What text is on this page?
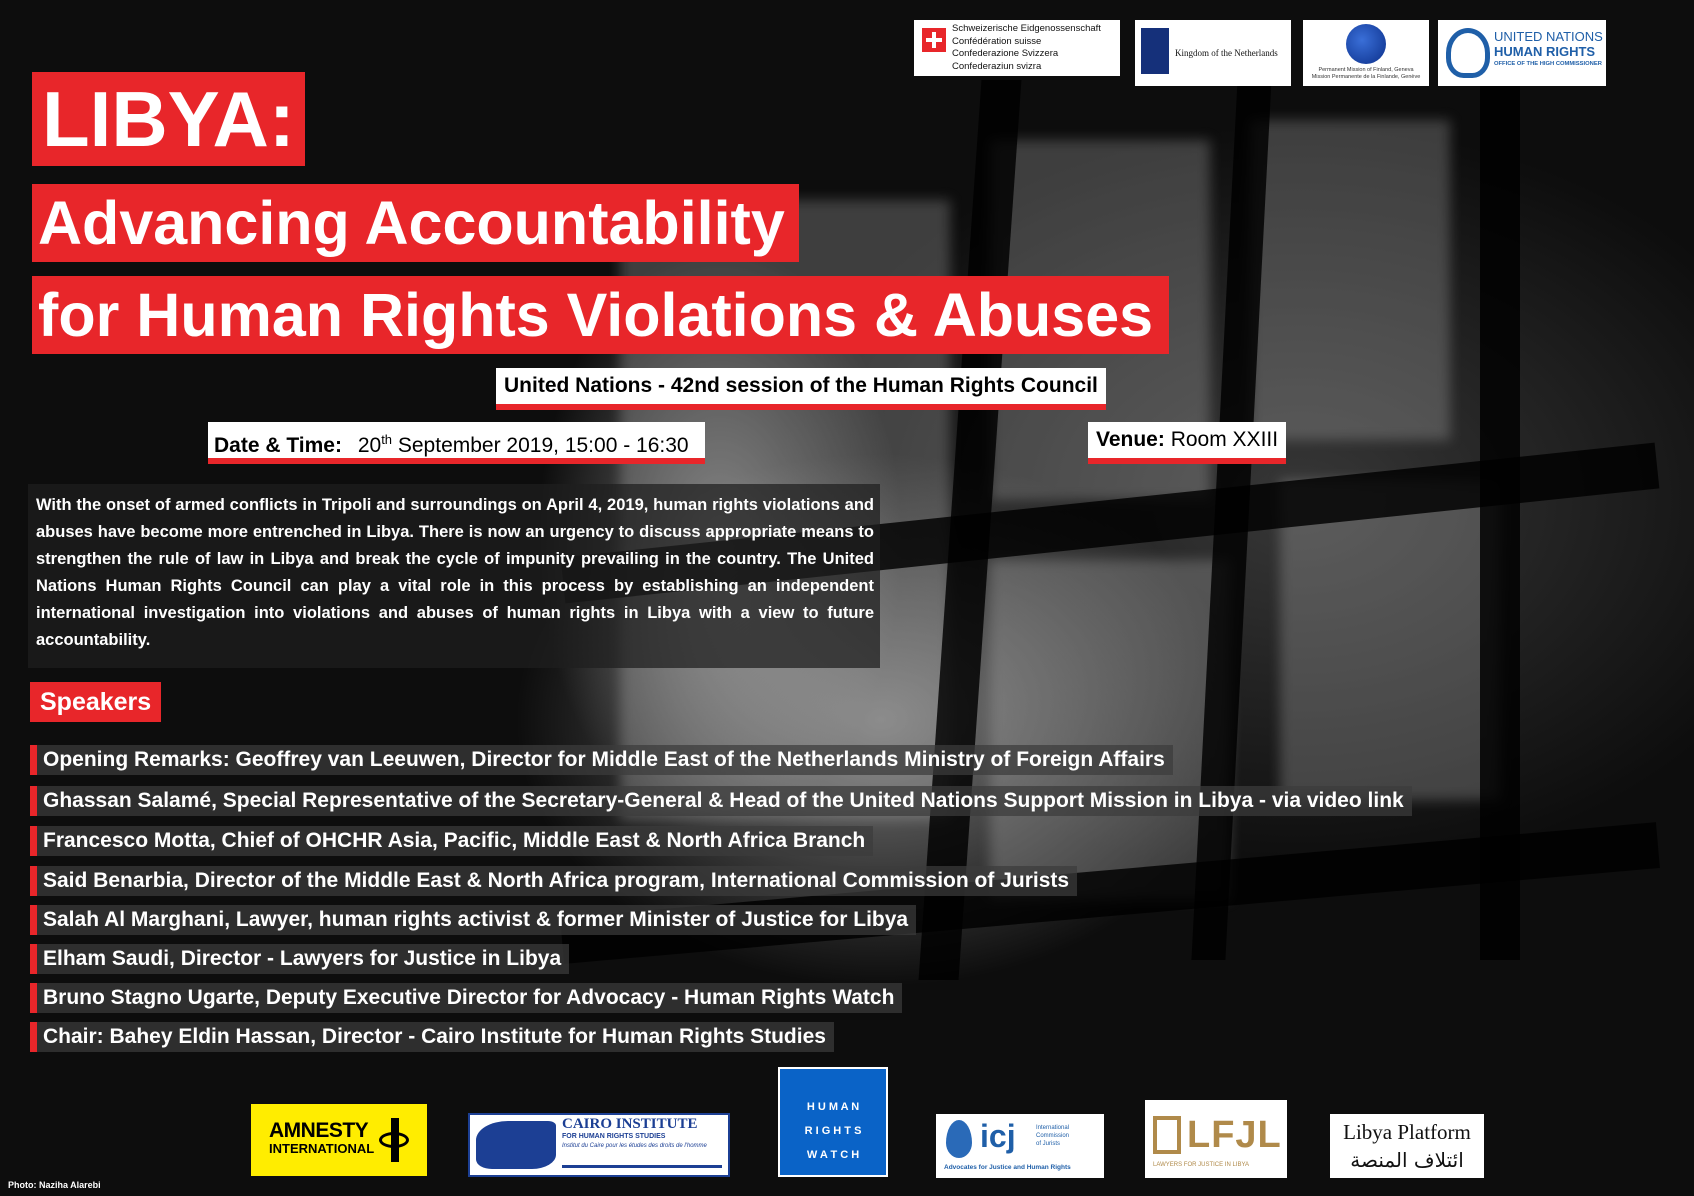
Schweizerische Eidgenossenschaft
Confédération suisse
Confederazione Svizzera
Confederaziun svizra
Kingdom of the Netherlands
Permanent Mission of Finland, Geneva
Mission Permanente de la Finlande, Genève
UNITED NATIONS
HUMAN RIGHTS
OFFICE OF THE HIGH COMMISSIONER
LIBYA:
Advancing Accountability
for Human Rights Violations & Abuses
United Nations - 42nd session of the Human Rights Council
Date & Time: 20th September 2019, 15:00 - 16:30	Venue: Room XXIII

With the onset of armed conflicts in Tripoli and surroundings on April 4, 2019, human rights violations and abuses have become more entrenched in Libya. There is now an urgency to discuss appropriate means to strengthen the rule of law in Libya and break the cycle of impunity prevailing in the country. The United Nations Human Rights Council can play a vital role in this process by establishing an independent international investigation into violations and abuses of human rights in Libya with a view to future accountability.

Speakers
Opening Remarks: Geoffrey van Leeuwen, Director for Middle East of the Netherlands Ministry of Foreign Affairs
Ghassan Salamé, Special Representative of the Secretary-General & Head of the United Nations Support Mission in Libya - via video link
Francesco Motta, Chief of OHCHR Asia, Pacific, Middle East & North Africa Branch
Said Benarbia, Director of the Middle East & North Africa program, International Commission of Jurists
Salah Al Marghani, Lawyer, human rights activist & former Minister of Justice for Libya
Elham Saudi, Director - Lawyers for Justice in Libya
Bruno Stagno Ugarte, Deputy Executive Director for Advocacy - Human Rights Watch
Chair: Bahey Eldin Hassan, Director - Cairo Institute for Human Rights Studies
AMNESTY
INTERNATIONAL
CAIRO INSTITUTE
FOR HUMAN RIGHTS STUDIES
Institut du Caire pour les études des droits de l'homme
H U M A N
R I G H T S
W A T C H
icj	International
Commission
of Jurists
Advocates for Justice and Human Rights
LFJL
LAWYERS FOR JUSTICE IN LIBYA
Libya Platform
ائتلاف المنصة
Photo: Naziha Alarebi
